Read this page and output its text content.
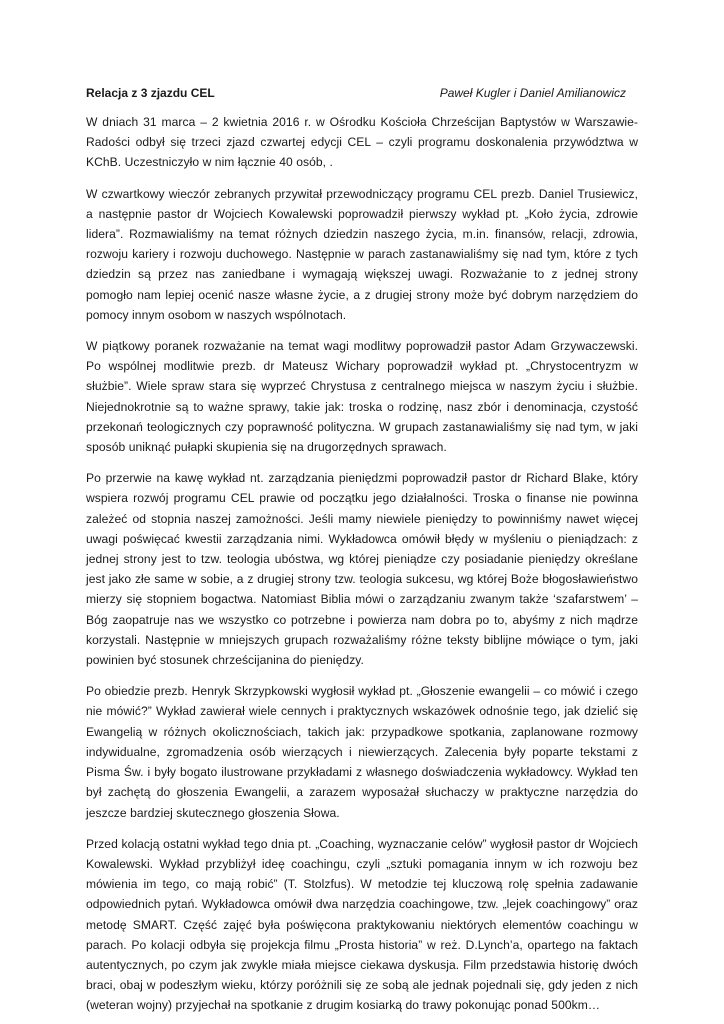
Relacja z 3 zjazdu CEL	Paweł Kugler i Daniel Amilianowicz

W dniach 31 marca – 2 kwietnia 2016 r. w Ośrodku Kościoła Chrześcijan Baptystów w Warszawie-Radości odbył się trzeci zjazd czwartej edycji CEL – czyli programu doskonalenia przywództwa w KChB. Uczestniczyło w nim łącznie 40 osób, .

W czwartkowy wieczór zebranych przywitał przewodniczący programu CEL prezb. Daniel Trusiewicz, a następnie pastor dr Wojciech Kowalewski poprowadził pierwszy wykład pt. „Koło życia, zdrowie lidera”. Rozmawialiśmy na temat różnych dziedzin naszego życia, m.in. finansów, relacji, zdrowia, rozwoju kariery i rozwoju duchowego. Następnie w parach zastanawialiśmy się nad tym, które z tych dziedzin są przez nas zaniedbane i wymagają większej uwagi. Rozważanie to z jednej strony pomogło nam lepiej ocenić nasze własne życie, a z drugiej strony może być dobrym narzędziem do pomocy innym osobom w naszych wspólnotach.

W piątkowy poranek rozważanie na temat wagi modlitwy poprowadził pastor Adam Grzywaczewski. Po wspólnej modlitwie prezb. dr Mateusz Wichary poprowadził wykład pt. „Chrystocentryzm w służbie”. Wiele spraw stara się wyprzeć Chrystusa z centralnego miejsca w naszym życiu i służbie. Niejednokrotnie są to ważne sprawy, takie jak: troska o rodzinę, nasz zbór i denominacja, czystość przekonań teologicznych czy poprawność polityczna. W grupach zastanawialiśmy się nad tym, w jaki sposób uniknąć pułapki skupienia się na drugorzędnych sprawach.

Po przerwie na kawę wykład nt. zarządzania pieniędzmi poprowadził pastor dr Richard Blake, który wspiera rozwój programu CEL prawie od początku jego działalności. Troska o finanse nie powinna zależeć od stopnia naszej zamożności. Jeśli mamy niewiele pieniędzy to powinniśmy nawet więcej uwagi poświęcać kwestii zarządzania nimi. Wykładowca omówił błędy w myśleniu o pieniądzach: z jednej strony jest to tzw. teologia ubóstwa, wg której pieniądze czy posiadanie pieniędzy określane jest jako złe same w sobie, a z drugiej strony tzw. teologia sukcesu, wg której Boże błogosławieństwo mierzy się stopniem bogactwa. Natomiast Biblia mówi o zarządzaniu zwanym także ‘szafarstwem’ – Bóg zaopatruje nas we wszystko co potrzebne i powierza nam dobra po to, abyśmy z nich mądrze korzystali. Następnie w mniejszych grupach rozważaliśmy różne teksty biblijne mówiące o tym, jaki powinien być stosunek chrześcijanina do pieniędzy.

Po obiedzie prezb. Henryk Skrzypkowski wygłosił wykład pt. „Głoszenie ewangelii – co mówić i czego nie mówić?” Wykład zawierał wiele cennych i praktycznych wskazówek odnośnie tego, jak dzielić się Ewangelią w różnych okolicznościach, takich jak: przypadkowe spotkania, zaplanowane rozmowy indywidualne, zgromadzenia osób wierzących i niewierzących. Zalecenia były poparte tekstami z Pisma Św. i były bogato ilustrowane przykładami z własnego doświadczenia wykładowcy. Wykład ten był zachętą do głoszenia Ewangelii, a zarazem wyposażał słuchaczy w praktyczne narzędzia do jeszcze bardziej skutecznego głoszenia Słowa.

Przed kolacją ostatni wykład tego dnia pt. „Coaching, wyznaczanie celów” wygłosił pastor dr Wojciech Kowalewski. Wykład przybliżył ideę coachingu, czyli „sztuki pomagania innym w ich rozwoju bez mówienia im tego, co mają robić” (T. Stolzfus). W metodzie tej kluczową rolę spełnia zadawanie odpowiednich pytań. Wykładowca omówił dwa narzędzia coachingowe, tzw. „lejek coachingowy” oraz metodę SMART. Część zajęć była poświęcona praktykowaniu niektórych elementów coachingu w parach. Po kolacji odbyła się projekcja filmu „Prosta historia” w reż. D.Lynch’a, opartego na faktach autentycznych, po czym jak zwykle miała miejsce ciekawa dyskusja. Film przedstawia historię dwóch braci, obaj w podeszłym wieku, którzy poróżnili się ze sobą ale jednak pojednali się, gdy jeden z nich (weteran wojny) przyjechał na spotkanie z drugim kosiarką do trawy pokonując ponad 500km…
